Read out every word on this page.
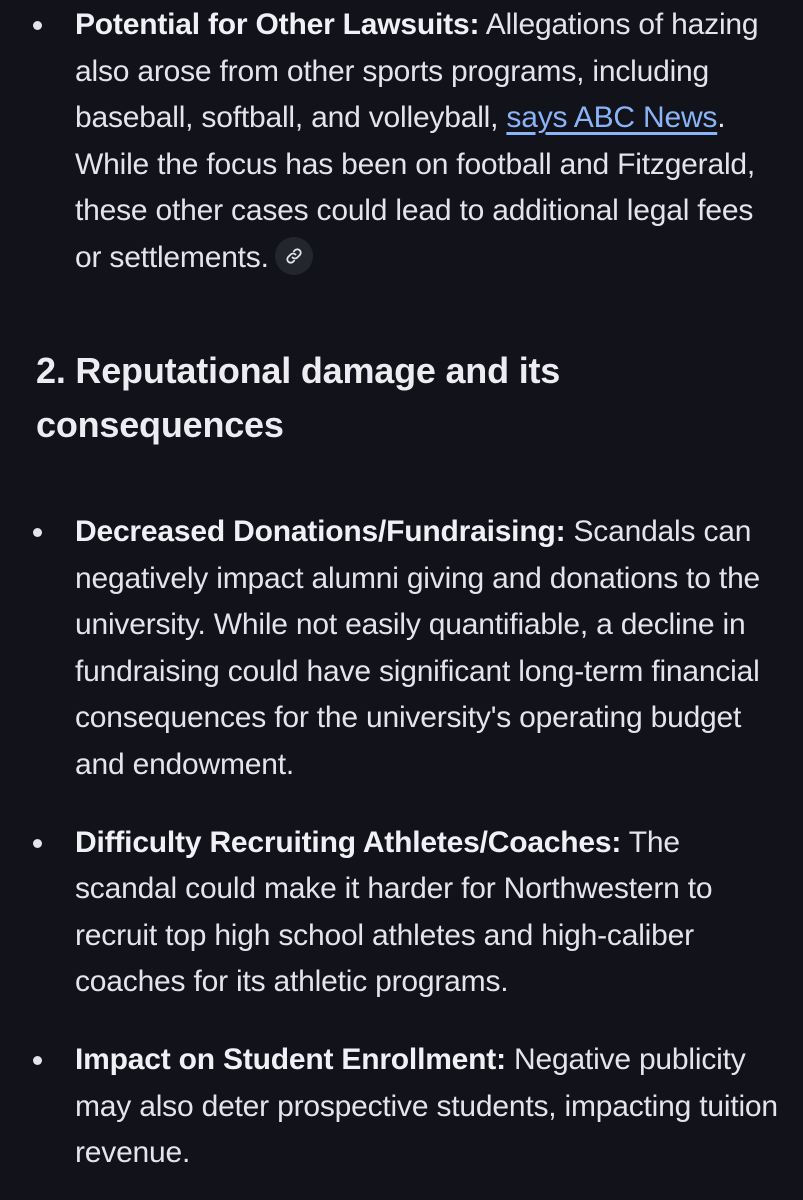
Potential for Other Lawsuits: Allegations of hazing also arose from other sports programs, including baseball, softball, and volleyball, says ABC News. While the focus has been on football and Fitzgerald, these other cases could lead to additional legal fees or settlements.
2. Reputational damage and its consequences
Decreased Donations/Fundraising: Scandals can negatively impact alumni giving and donations to the university. While not easily quantifiable, a decline in fundraising could have significant long-term financial consequences for the university's operating budget and endowment.
Difficulty Recruiting Athletes/Coaches: The scandal could make it harder for Northwestern to recruit top high school athletes and high-caliber coaches for its athletic programs.
Impact on Student Enrollment: Negative publicity may also deter prospective students, impacting tuition revenue.
